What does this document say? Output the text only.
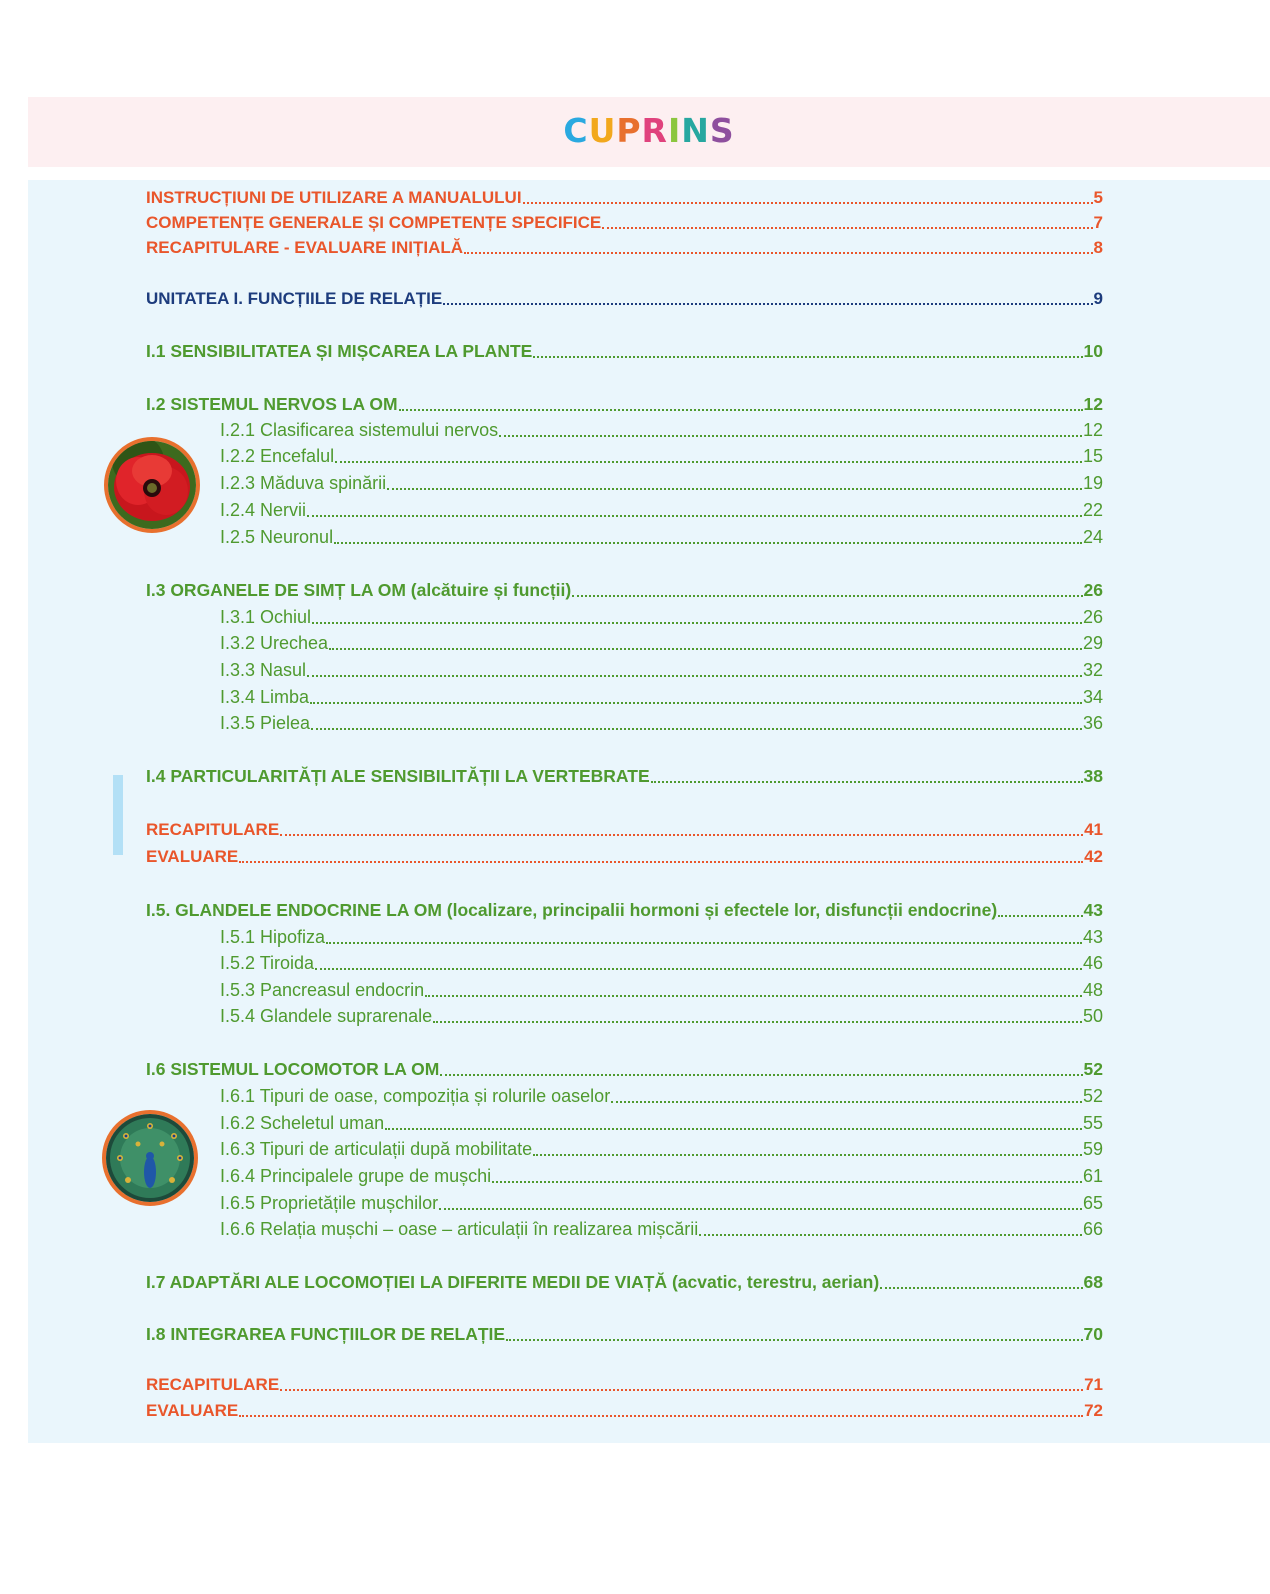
CUPRINS
INSTRUCȚIUNI DE UTILIZARE A MANUALULUI	5
COMPETENȚE GENERALE ȘI COMPETENȚE SPECIFICE	7
RECAPITULARE - EVALUARE INIȚIALĂ	8
UNITATEA I. FUNCȚIILE DE RELAȚIE	9
I.1 SENSIBILITATEA ȘI MIȘCAREA LA PLANTE	10
I.2 SISTEMUL NERVOS LA OM	12
I.2.1 Clasificarea sistemului nervos	12
I.2.2 Encefalul	15
I.2.3 Măduva spinării	19
I.2.4 Nervii	22
I.2.5 Neuronul	24
I.3 ORGANELE DE SIMȚ LA OM (alcătuire și funcții)	26
I.3.1 Ochiul	26
I.3.2 Urechea	29
I.3.3 Nasul	32
I.3.4 Limba	34
I.3.5 Pielea	36
I.4 PARTICULARITĂȚI ALE SENSIBILITĂȚII LA VERTEBRATE	38
RECAPITULARE	41
EVALUARE	42
I.5. GLANDELE ENDOCRINE LA OM (localizare, principalii hormoni și efectele lor, disfuncții endocrine)	43
I.5.1 Hipofiza	43
I.5.2 Tiroida	46
I.5.3 Pancreasul endocrin	48
I.5.4 Glandele suprarenale	50
I.6 SISTEMUL LOCOMOTOR LA OM	52
I.6.1 Tipuri de oase, compoziția și rolurile oaselor	52
I.6.2 Scheletul uman	55
I.6.3 Tipuri de articulații după mobilitate	59
I.6.4 Principalele grupe de mușchi	61
I.6.5 Proprietățile mușchilor	65
I.6.6 Relația mușchi – oase – articulații în realizarea mișcării	66
I.7 ADAPTĂRI ALE LOCOMOȚIEI LA DIFERITE MEDII DE VIAȚĂ (acvatic, terestru, aerian)	68
I.8 INTEGRAREA FUNCȚIILOR DE RELAȚIE	70
RECAPITULARE	71
EVALUARE	72
